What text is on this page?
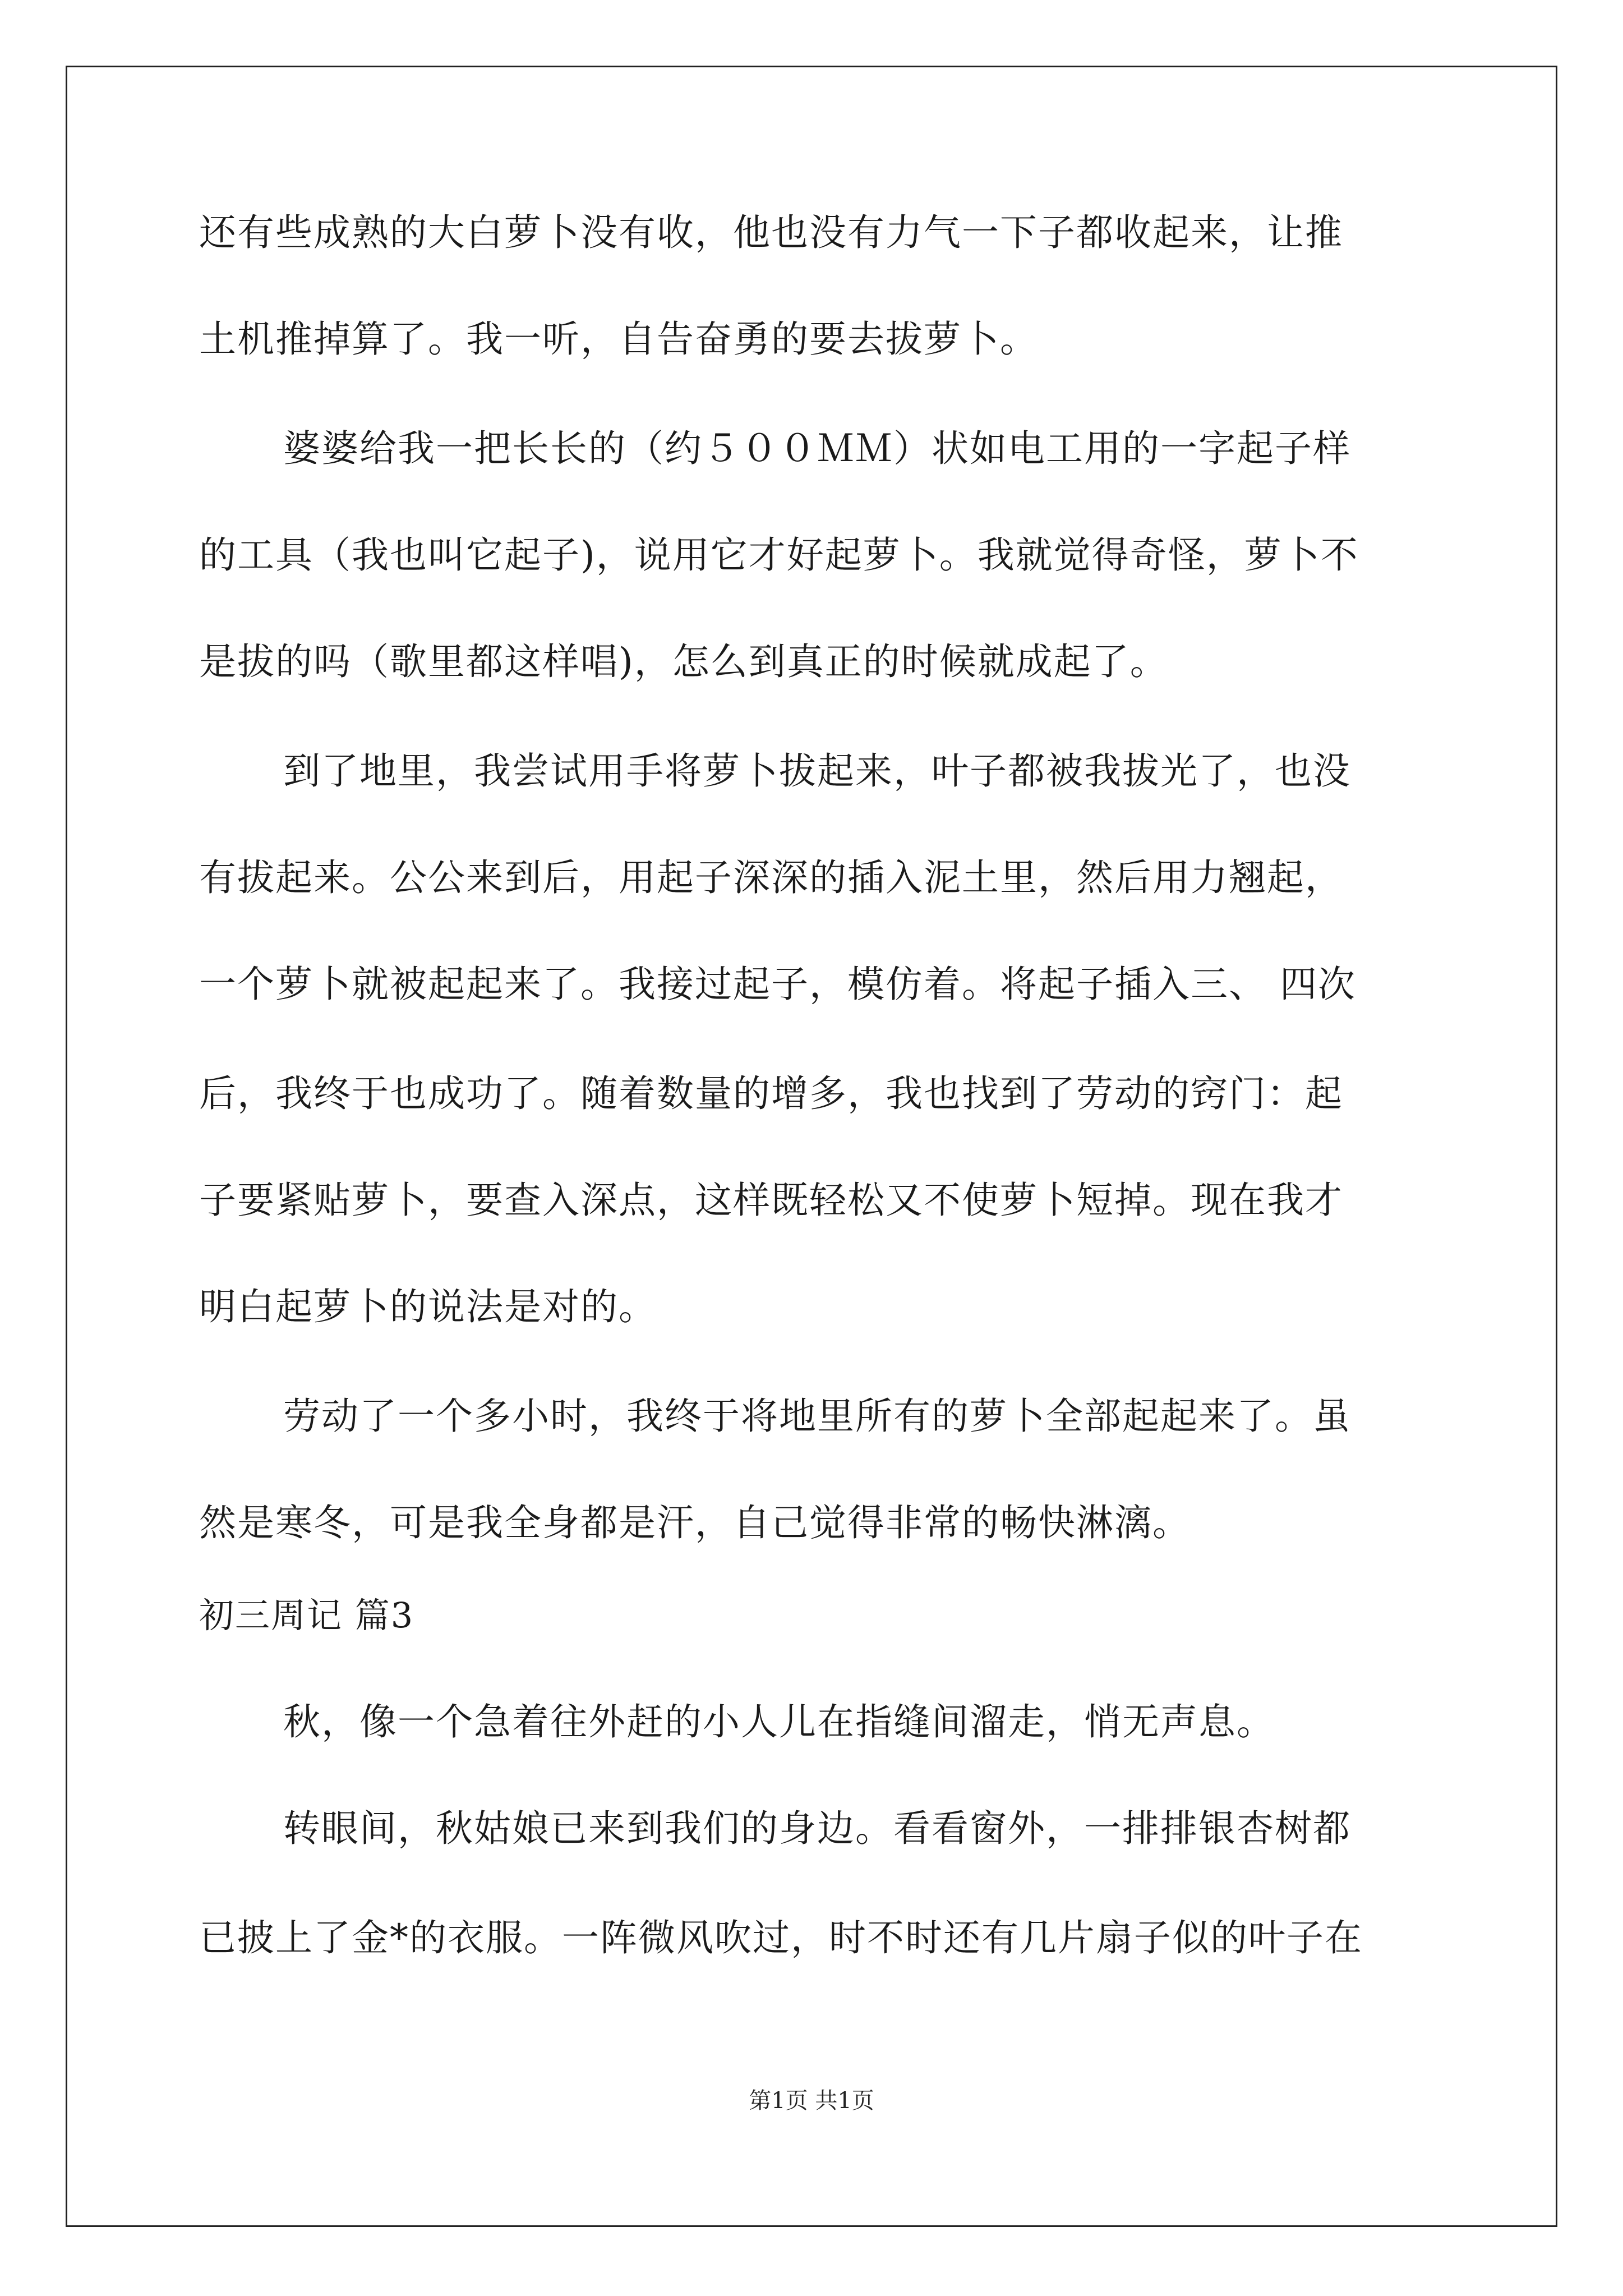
还有些成熟的大白萝卜没有收，他也没有力气一下子都收起来，让推
土机推掉算了。我一听，自告奋勇的要去拔萝卜。
婆婆给我一把长长的（约５００ＭＭ）状如电工用的一字起子样
的工具（我也叫它起子)，说用它才好起萝卜。我就觉得奇怪，萝卜不
是拔的吗（歌里都这样唱)，怎么到真正的时候就成起了。
到了地里，我尝试用手将萝卜拔起来，叶子都被我拔光了，也没
有拔起来。公公来到后，用起子深深的插入泥土里，然后用力翘起，
一个萝卜就被起起来了。我接过起子，模仿着。将起子插入三、 四次
后，我终于也成功了。随着数量的增多，我也找到了劳动的窍门：起
子要紧贴萝卜，要查入深点，这样既轻松又不使萝卜短掉。现在我才
明白起萝卜的说法是对的。
劳动了一个多小时，我终于将地里所有的萝卜全部起起来了。虽
然是寒冬，可是我全身都是汗，自己觉得非常的畅快淋漓。
初三周记 篇3
秋，像一个急着往外赶的小人儿在指缝间溜走，悄无声息。
转眼间，秋姑娘已来到我们的身边。看看窗外，一排排银杏树都
已披上了金*的衣服。一阵微风吹过，时不时还有几片扇子似的叶子在
第1页 共1页
